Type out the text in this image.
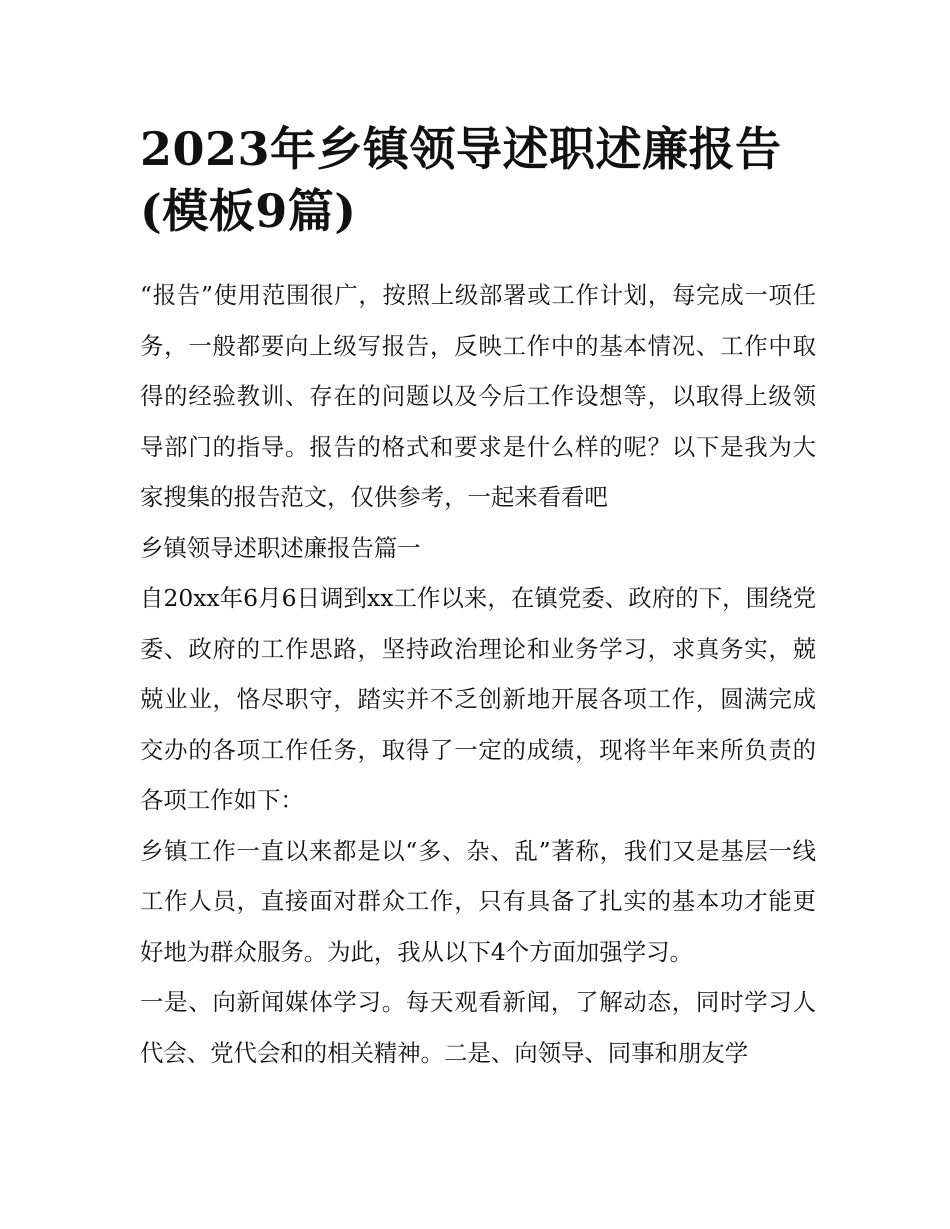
2023年乡镇领导述职述廉报告(模板9篇)

“报告”使用范围很广，按照上级部署或工作计划，每完成一项任务，一般都要向上级写报告，反映工作中的基本情况、工作中取得的经验教训、存在的问题以及今后工作设想等，以取得上级领导部门的指导。报告的格式和要求是什么样的呢？以下是我为大家搜集的报告范文，仅供参考，一起来看看吧

乡镇领导述职述廉报告篇一

自20xx年6月6日调到xx工作以来，在镇党委、政府的下，围绕党委、政府的工作思路，坚持政治理论和业务学习，求真务实，兢兢业业，恪尽职守，踏实并不乏创新地开展各项工作，圆满完成交办的各项工作任务，取得了一定的成绩，现将半年来所负责的各项工作如下：

乡镇工作一直以来都是以“多、杂、乱”著称，我们又是基层一线工作人员，直接面对群众工作，只有具备了扎实的基本功才能更好地为群众服务。为此，我从以下4个方面加强学习。

一是、向新闻媒体学习。每天观看新闻，了解动态，同时学习人代会、党代会和的相关精神。二是、向领导、同事和朋友学
